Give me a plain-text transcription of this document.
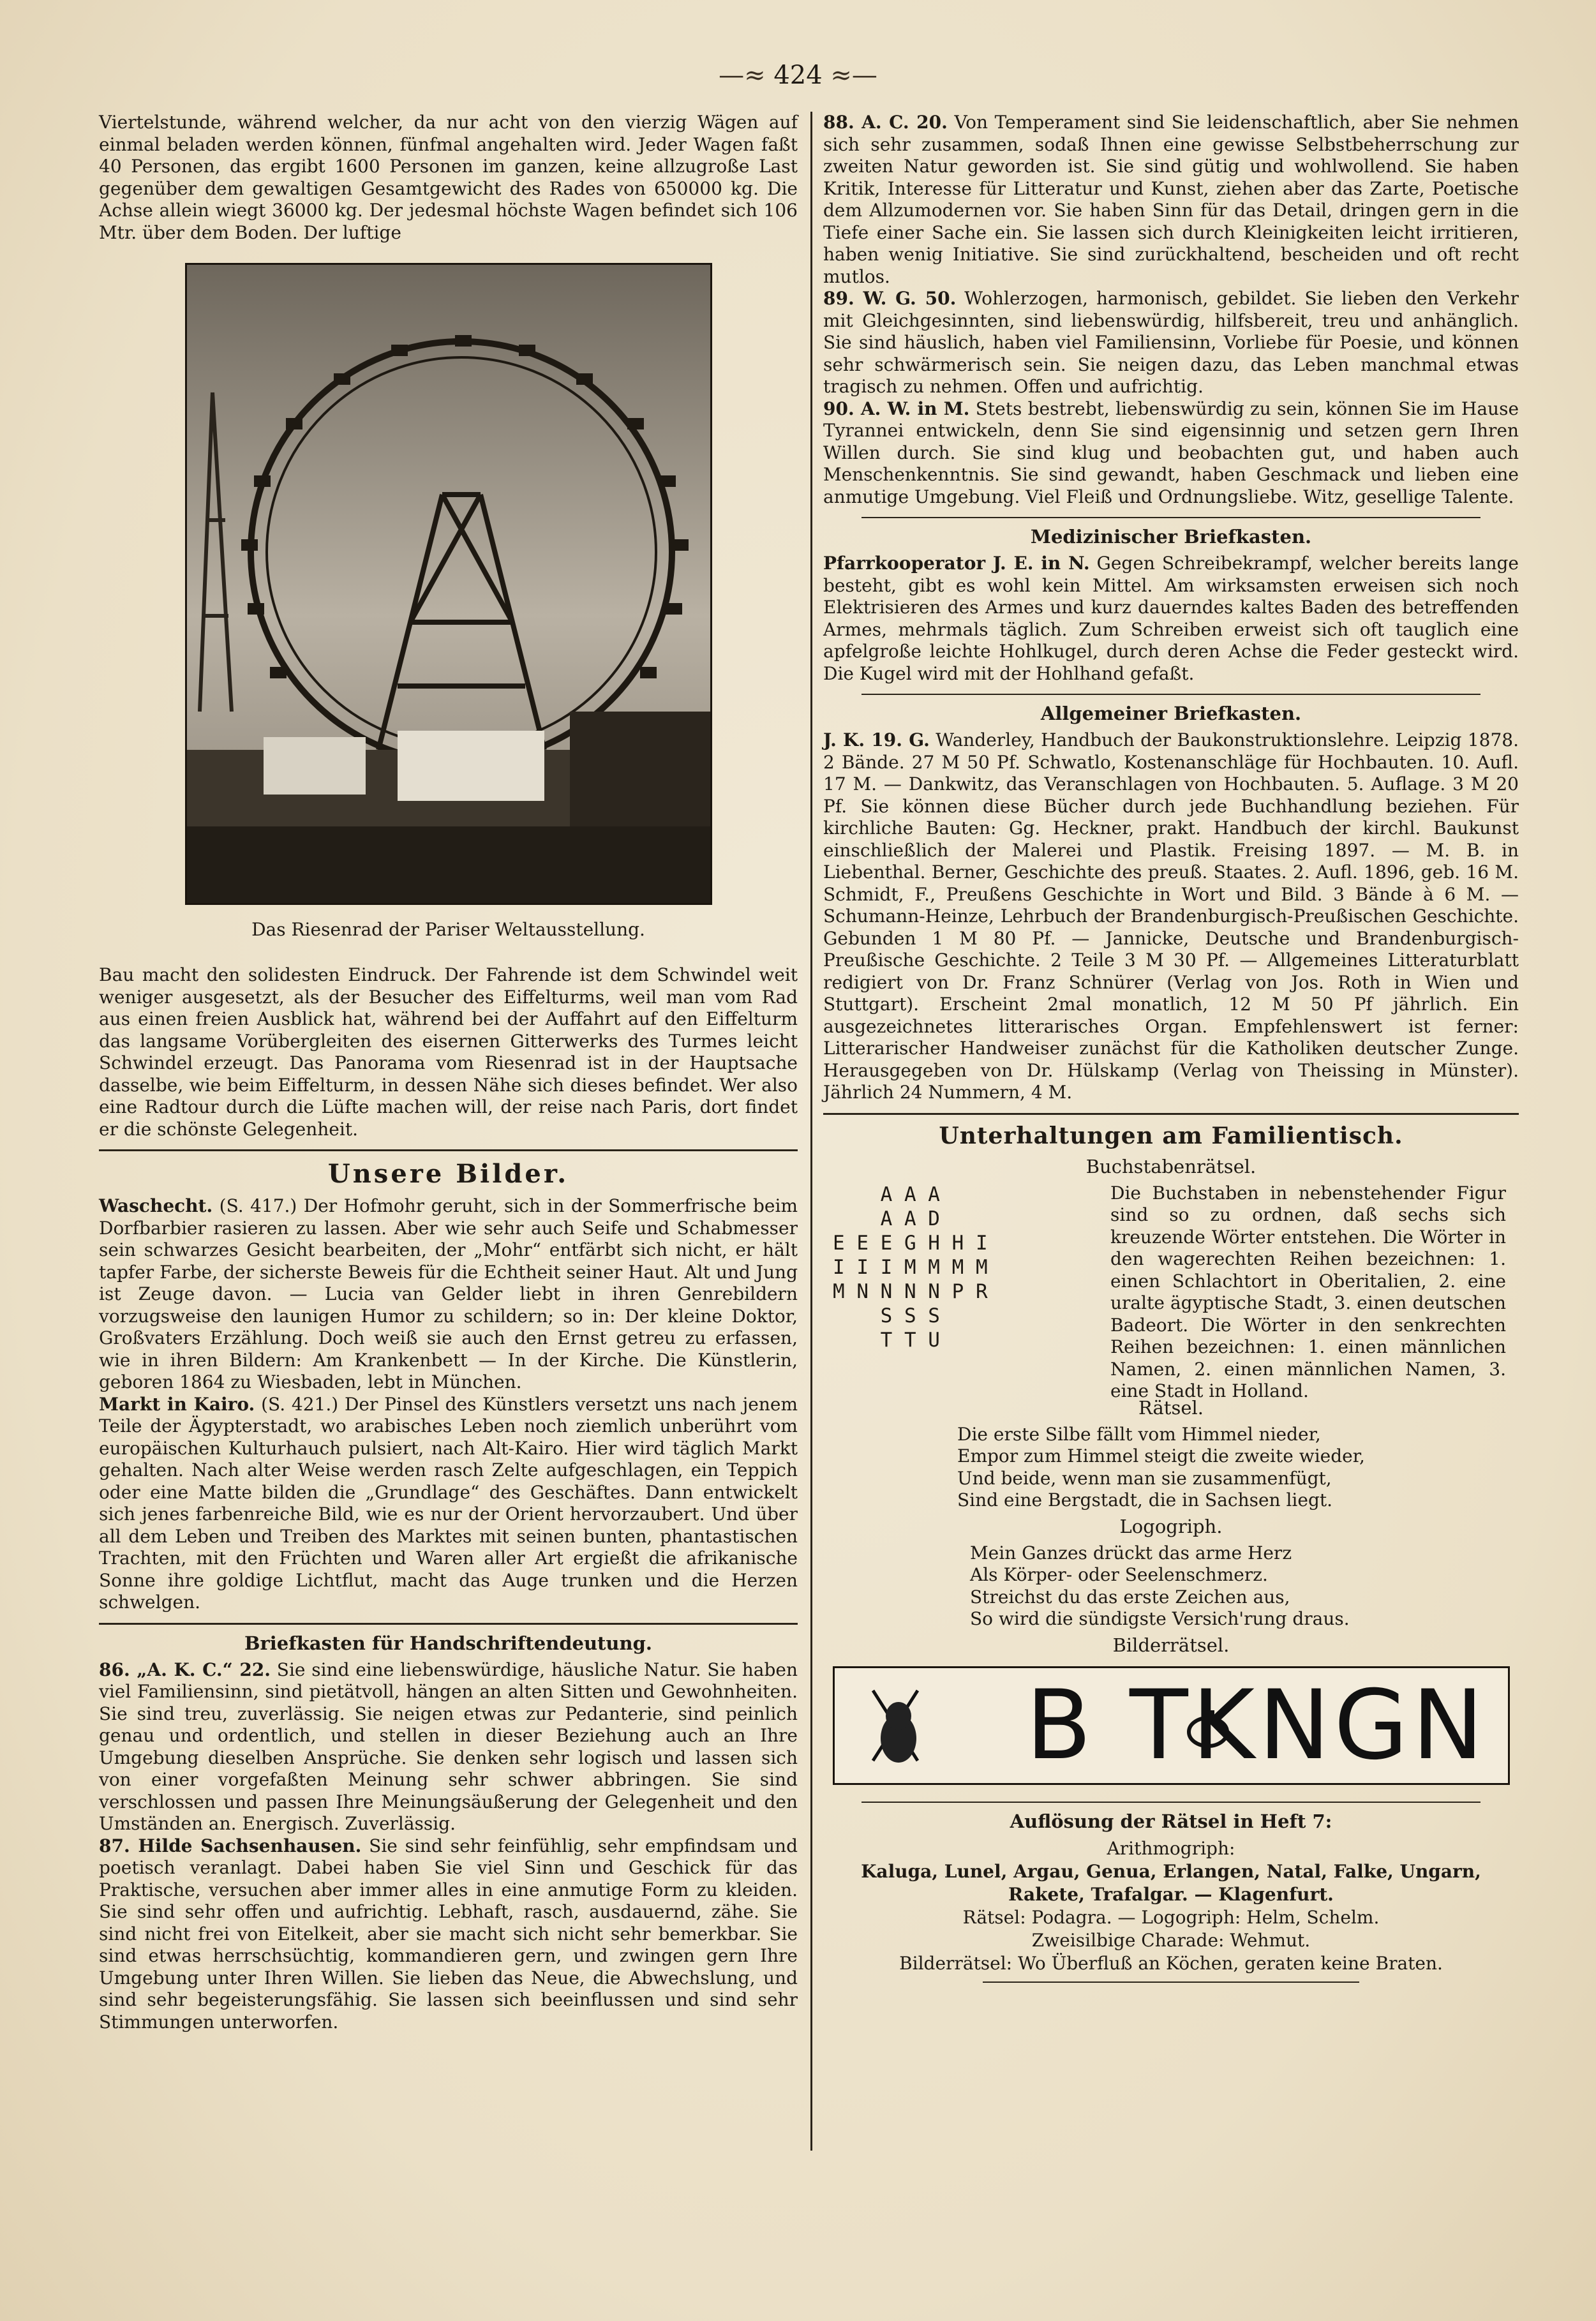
—≈ 424 ≈—

Viertelstunde, während welcher, da nur acht von den vierzig Wägen auf einmal beladen werden können, fünfmal angehalten wird. Jeder Wagen faßt 40 Personen, das ergibt 1600 Personen im ganzen, keine allzugroße Last gegenüber dem gewaltigen Gesamtgewicht des Rades von 650000 kg. Die Achse allein wiegt 36000 kg. Der jedesmal höchste Wagen befindet sich 106 Mtr. über dem Boden. Der luftige

Das Riesenrad der Pariser Weltausstellung.

Bau macht den solidesten Eindruck. Der Fahrende ist dem Schwindel weit weniger ausgesetzt, als der Besucher des Eiffelturms, weil man vom Rad aus einen freien Ausblick hat, während bei der Auffahrt auf den Eiffelturm das langsame Vorübergleiten des eisernen Gitterwerks des Turmes leicht Schwindel erzeugt. Das Panorama vom Riesenrad ist in der Hauptsache dasselbe, wie beim Eiffelturm, in dessen Nähe sich dieses befindet. Wer also eine Radtour durch die Lüfte machen will, der reise nach Paris, dort findet er die schönste Gelegenheit.

Unsere Bilder.

Waschecht. (S. 417.) Der Hofmohr geruht, sich in der Sommerfrische beim Dorfbarbier rasieren zu lassen. Aber wie sehr auch Seife und Schabmesser sein schwarzes Gesicht bearbeiten, der „Mohr“ entfärbt sich nicht, er hält tapfer Farbe, der sicherste Beweis für die Echtheit seiner Haut. Alt und Jung ist Zeuge davon. — Lucia van Gelder liebt in ihren Genrebildern vorzugsweise den launigen Humor zu schildern; so in: Der kleine Doktor, Großvaters Erzählung. Doch weiß sie auch den Ernst getreu zu erfassen, wie in ihren Bildern: Am Krankenbett — In der Kirche. Die Künstlerin, geboren 1864 zu Wiesbaden, lebt in München.

Markt in Kairo. (S. 421.) Der Pinsel des Künstlers versetzt uns nach jenem Teile der Ägypterstadt, wo arabisches Leben noch ziemlich unberührt vom europäischen Kulturhauch pulsiert, nach Alt-Kairo. Hier wird täglich Markt gehalten. Nach alter Weise werden rasch Zelte aufgeschlagen, ein Teppich oder eine Matte bilden die „Grundlage“ des Geschäftes. Dann entwickelt sich jenes farbenreiche Bild, wie es nur der Orient hervorzaubert. Und über all dem Leben und Treiben des Marktes mit seinen bunten, phantastischen Trachten, mit den Früchten und Waren aller Art ergießt die afrikanische Sonne ihre goldige Lichtflut, macht das Auge trunken und die Herzen schwelgen.

Briefkasten für Handschriftendeutung.

86. „A. K. C.“ 22. Sie sind eine liebenswürdige, häusliche Natur. Sie haben viel Familiensinn, sind pietätvoll, hängen an alten Sitten und Gewohnheiten. Sie sind treu, zuverlässig. Sie neigen etwas zur Pedanterie, sind peinlich genau und ordentlich, und stellen in dieser Beziehung auch an Ihre Umgebung dieselben Ansprüche. Sie denken sehr logisch und lassen sich von einer vorgefaßten Meinung sehr schwer abbringen. Sie sind verschlossen und passen Ihre Meinungsäußerung der Gelegenheit und den Umständen an. Energisch. Zuverlässig.

87. Hilde Sachsenhausen. Sie sind sehr feinfühlig, sehr empfindsam und poetisch veranlagt. Dabei haben Sie viel Sinn und Geschick für das Praktische, versuchen aber immer alles in eine anmutige Form zu kleiden. Sie sind sehr offen und aufrichtig. Lebhaft, rasch, ausdauernd, zähe. Sie sind nicht frei von Eitelkeit, aber sie macht sich nicht sehr bemerkbar. Sie sind etwas herrschsüchtig, kommandieren gern, und zwingen gern Ihre Umgebung unter Ihren Willen. Sie lieben das Neue, die Abwechslung, und sind sehr begeisterungsfähig. Sie lassen sich beeinflussen und sind sehr Stimmungen unterworfen.

88. A. C. 20. Von Temperament sind Sie leidenschaftlich, aber Sie nehmen sich sehr zusammen, sodaß Ihnen eine gewisse Selbstbeherrschung zur zweiten Natur geworden ist. Sie sind gütig und wohlwollend. Sie haben Kritik, Interesse für Litteratur und Kunst, ziehen aber das Zarte, Poetische dem Allzumodernen vor. Sie haben Sinn für das Detail, dringen gern in die Tiefe einer Sache ein. Sie lassen sich durch Kleinigkeiten leicht irritieren, haben wenig Initiative. Sie sind zurückhaltend, bescheiden und oft recht mutlos.

89. W. G. 50. Wohlerzogen, harmonisch, gebildet. Sie lieben den Verkehr mit Gleichgesinnten, sind liebenswürdig, hilfsbereit, treu und anhänglich. Sie sind häuslich, haben viel Familiensinn, Vorliebe für Poesie, und können sehr schwärmerisch sein. Sie neigen dazu, das Leben manchmal etwas tragisch zu nehmen. Offen und aufrichtig.

90. A. W. in M. Stets bestrebt, liebenswürdig zu sein, können Sie im Hause Tyrannei entwickeln, denn Sie sind eigensinnig und setzen gern Ihren Willen durch. Sie sind klug und beobachten gut, und haben auch Menschenkenntnis. Sie sind gewandt, haben Geschmack und lieben eine anmutige Umgebung. Viel Fleiß und Ordnungsliebe. Witz, gesellige Talente.

Medizinischer Briefkasten.

Pfarrkooperator J. E. in N. Gegen Schreibekrampf, welcher bereits lange besteht, gibt es wohl kein Mittel. Am wirksamsten erweisen sich noch Elektrisieren des Armes und kurz dauerndes kaltes Baden des betreffenden Armes, mehrmals täglich. Zum Schreiben erweist sich oft tauglich eine apfelgroße leichte Hohlkugel, durch deren Achse die Feder gesteckt wird. Die Kugel wird mit der Hohlhand gefaßt.

Allgemeiner Briefkasten.

J. K. 19. G. Wanderley, Handbuch der Baukonstruktionslehre. Leipzig 1878. 2 Bände. 27 M 50 Pf. Schwatlo, Kostenanschläge für Hochbauten. 10. Aufl. 17 M. — Dankwitz, das Veranschlagen von Hochbauten. 5. Auflage. 3 M 20 Pf. Sie können diese Bücher durch jede Buchhandlung beziehen. Für kirchliche Bauten: Gg. Heckner, prakt. Handbuch der kirchl. Baukunst einschließlich der Malerei und Plastik. Freising 1897. — M. B. in Liebenthal. Berner, Geschichte des preuß. Staates. 2. Aufl. 1896, geb. 16 M. Schmidt, F., Preußens Geschichte in Wort und Bild. 3 Bände à 6 M. — Schumann-Heinze, Lehrbuch der Brandenburgisch-Preußischen Geschichte. Gebunden 1 M 80 Pf. — Jannicke, Deutsche und Brandenburgisch-Preußische Geschichte. 2 Teile 3 M 30 Pf. — Allgemeines Litteraturblatt redigiert von Dr. Franz Schnürer (Verlag von Jos. Roth in Wien und Stuttgart). Erscheint 2mal monatlich, 12 M 50 Pf jährlich. Ein ausgezeichnetes litterarisches Organ. Empfehlenswert ist ferner: Litterarischer Handweiser zunächst für die Katholiken deutscher Zunge. Herausgegeben von Dr. Hülskamp (Verlag von Theissing in Münster). Jährlich 24 Nummern, 4 M.

Unterhaltungen am Familientisch.
Buchstabenrätsel.
A A A
A A D
E E E G H H I
I I I M M M M
M N N N N P R
S S S
T T U
Die Buchstaben in nebenstehender Figur sind so zu ordnen, daß sechs sich kreuzende Wörter entstehen. Die Wörter in den wagerechten Reihen bezeichnen: 1. einen Schlachtort in Oberitalien, 2. eine uralte ägyptische Stadt, 3. einen deutschen Badeort. Die Wörter in den senkrechten Reihen bezeichnen: 1. einen männlichen Namen, 2. einen männlichen Namen, 3. eine Stadt in Holland.
Rätsel.
Die erste Silbe fällt vom Himmel nieder,
Empor zum Himmel steigt die zweite wieder,
Und beide, wenn man sie zusammenfügt,
Sind eine Bergstadt, die in Sachsen liegt.
Logogriph.
Mein Ganzes drückt das arme Herz
Als Körper- oder Seelenschmerz.
Streichst du das erste Zeichen aus,
So wird die sündigste Versich'rung draus.
Bilderrätsel.
B TKNGN
Auflösung der Rätsel in Heft 7:
Arithmogriph:
Kaluga, Lunel, Argau, Genua, Erlangen, Natal, Falke, Ungarn, Rakete, Trafalgar. — Klagenfurt.
Rätsel: Podagra. — Logogriph: Helm, Schelm.
Zweisilbige Charade: Wehmut.
Bilderrätsel: Wo Überfluß an Köchen, geraten keine Braten.
